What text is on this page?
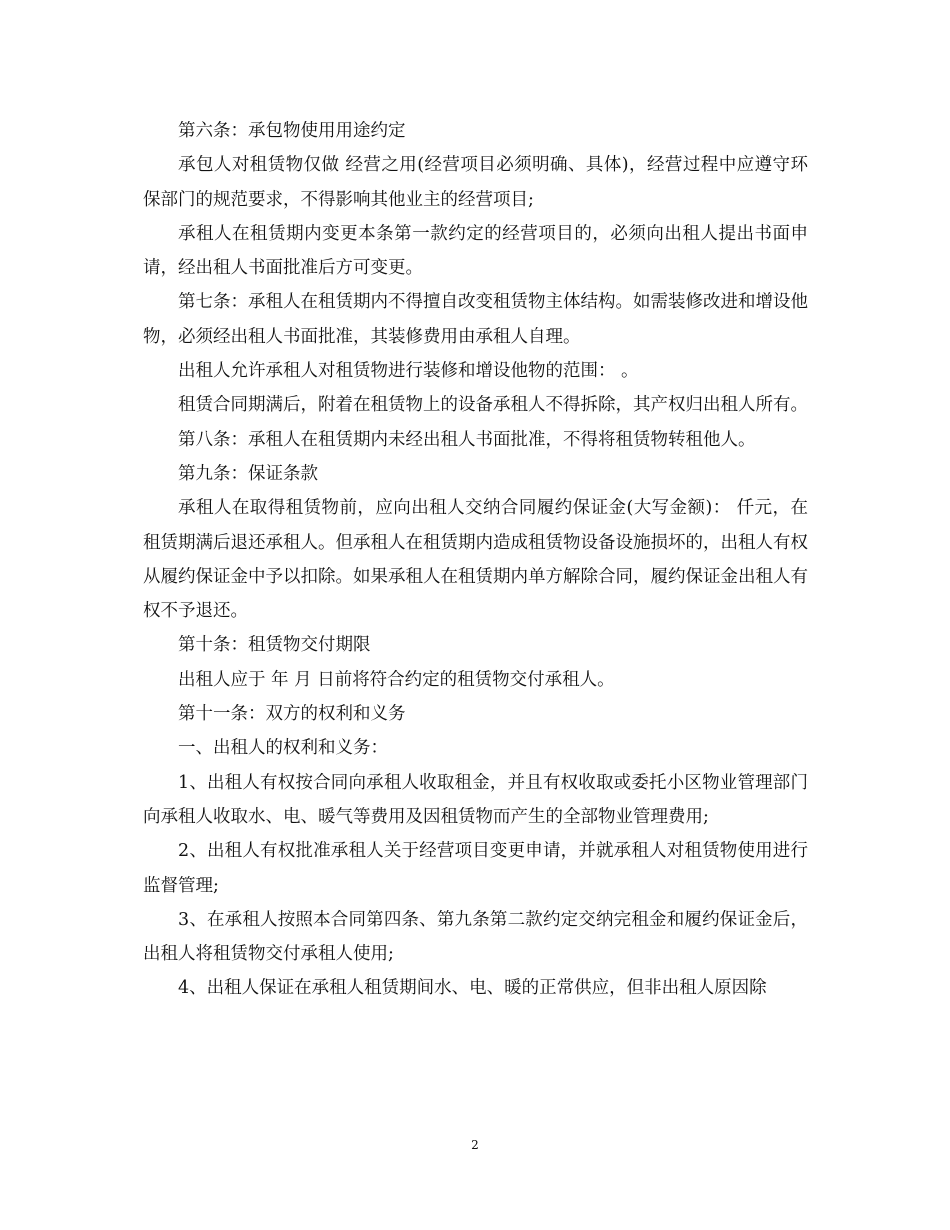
第六条：承包物使用用途约定

承包人对租赁物仅做 经营之用(经营项目必须明确、具体)，经营过程中应遵守环保部门的规范要求，不得影响其他业主的经营项目;

承租人在租赁期内变更本条第一款约定的经营项目的，必须向出租人提出书面申请，经出租人书面批准后方可变更。

第七条：承租人在租赁期内不得擅自改变租赁物主体结构。如需装修改进和增设他物，必须经出租人书面批准，其装修费用由承租人自理。

出租人允许承租人对租赁物进行装修和增设他物的范围： 。

租赁合同期满后，附着在租赁物上的设备承租人不得拆除，其产权归出租人所有。

第八条：承租人在租赁期内未经出租人书面批准，不得将租赁物转租他人。

第九条：保证条款

承租人在取得租赁物前，应向出租人交纳合同履约保证金(大写金额)： 仟元，在租赁期满后退还承租人。但承租人在租赁期内造成租赁物设备设施损坏的，出租人有权从履约保证金中予以扣除。如果承租人在租赁期内单方解除合同，履约保证金出租人有权不予退还。

第十条：租赁物交付期限

出租人应于 年 月 日前将符合约定的租赁物交付承租人。

第十一条：双方的权利和义务

一、出租人的权利和义务：

1、出租人有权按合同向承租人收取租金，并且有权收取或委托小区物业管理部门向承租人收取水、电、暖气等费用及因租赁物而产生的全部物业管理费用;

2、出租人有权批准承租人关于经营项目变更申请，并就承租人对租赁物使用进行监督管理;

3、在承租人按照本合同第四条、第九条第二款约定交纳完租金和履约保证金后，出租人将租赁物交付承租人使用;

4、出租人保证在承租人租赁期间水、电、暖的正常供应，但非出租人原因除

2
